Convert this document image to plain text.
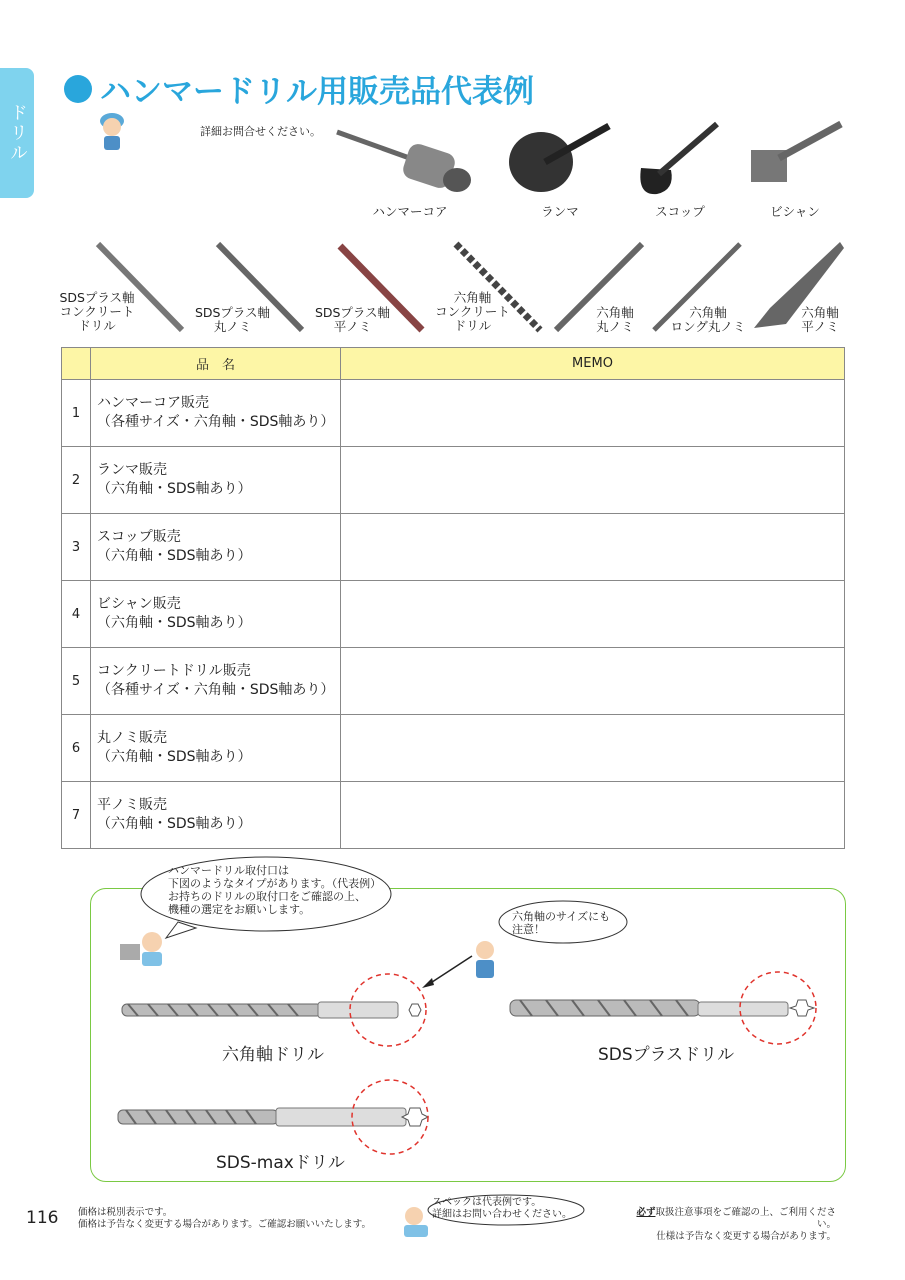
ドリル
ハンマードリル用販売品代表例
詳細お問合せください。
ハンマーコア	ランマ	スコップ	ビシャン
SDSプラス軸
コンクリート
ドリル
SDSプラス軸
丸ノミ
SDSプラス軸
平ノミ
六角軸
コンクリート
ドリル
六角軸
丸ノミ
六角軸
ロング丸ノミ
六角軸
平ノミ
	品　名	MEMO
1	ハンマーコア販売
（各種サイズ・六角軸・SDS軸あり）	

2	ランマ販売
（六角軸・SDS軸あり）	

3	スコップ販売
（六角軸・SDS軸あり）	

4	ビシャン販売
（六角軸・SDS軸あり）	

5	コンクリートドリル販売
（各種サイズ・六角軸・SDS軸あり）	

6	丸ノミ販売
（六角軸・SDS軸あり）	

7	平ノミ販売
（六角軸・SDS軸あり）	

ハンマードリル取付口は
下図のようなタイプがあります。（代表例）
お持ちのドリルの取付口をご確認の上、
機種の選定をお願いします。
六角軸のサイズにも
注意！
六角軸ドリル	SDSプラスドリル
SDS-maxドリル
116 価格は税別表示です。
価格は予告なく変更する場合があります。ご確認お願いいたします。
スペックは代表例です。
詳細はお問い合わせください。	必ず取扱注意事項をご確認の上、ご利用ください。
仕様は予告なく変更する場合があります。
